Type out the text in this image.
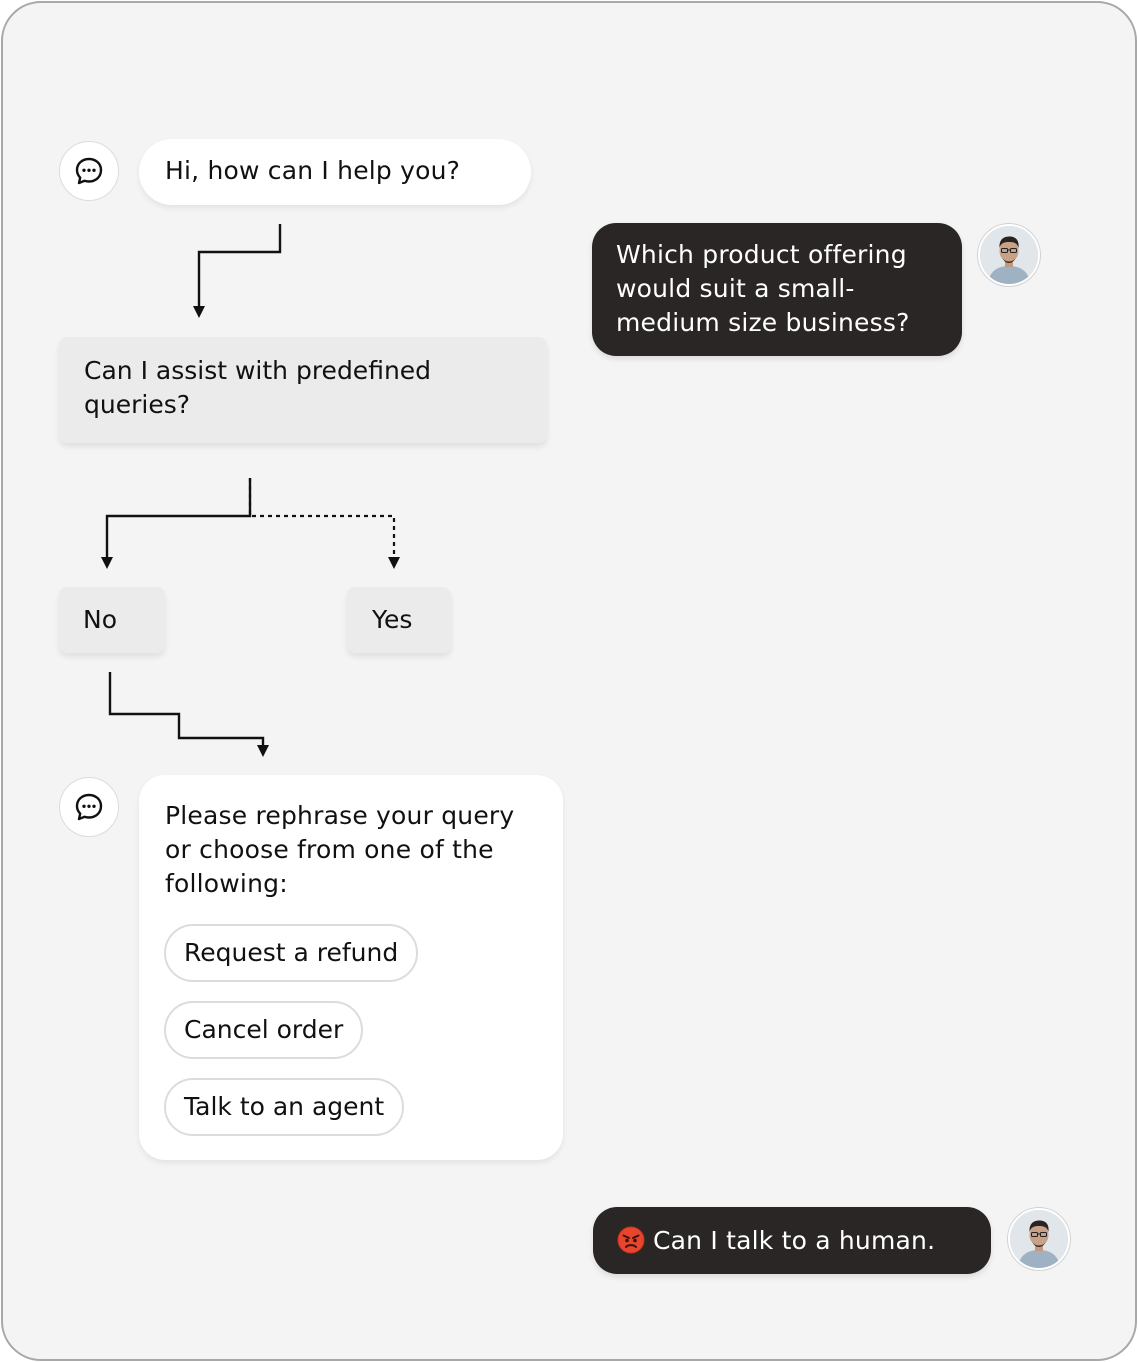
Hi, how can I help you?
Which product offering would suit a small-medium size business?
Can I assist with predefined queries?
No	Yes
Please rephrase your query or choose from one of the following:
Request a refund
Cancel order
Talk to an agent
Can I talk to a human.
